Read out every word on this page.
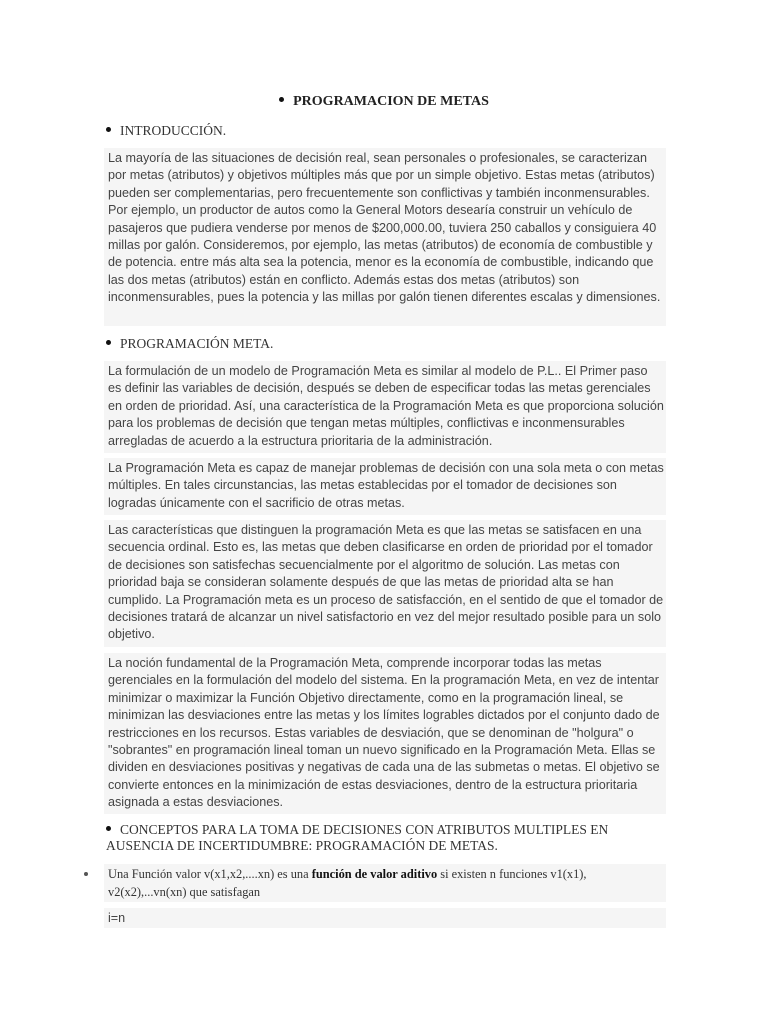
PROGRAMACION DE METAS
INTRODUCCIÓN.
La mayoría de las situaciones de decisión real, sean personales o profesionales, se caracterizan por metas (atributos) y objetivos múltiples más que por un simple objetivo. Estas metas (atributos) pueden ser complementarias, pero frecuentemente son conflictivas y también inconmensurables. Por ejemplo, un productor de autos como la General Motors desearía construir un vehículo de pasajeros que pudiera venderse por menos de $200,000.00, tuviera 250 caballos y consiguiera 40 millas por galón. Consideremos, por ejemplo, las metas (atributos) de economía de combustible y de potencia. entre más alta sea la potencia, menor es la economía de combustible, indicando que las dos metas (atributos) están en conflicto. Además estas dos metas (atributos) son inconmensurables, pues la potencia y las millas por galón tienen diferentes escalas y dimensiones.
PROGRAMACIÓN META.
La formulación de un modelo de Programación Meta es similar al modelo de P.L.. El Primer paso es definir las variables de decisión, después se deben de especificar todas las metas gerenciales en orden de prioridad. Así, una característica de la Programación Meta es que proporciona solución para los problemas de decisión que tengan metas múltiples, conflictivas e inconmensurables arregladas de acuerdo a la estructura prioritaria de la administración.
La Programación Meta es capaz de manejar problemas de decisión con una sola meta o con metas múltiples. En tales circunstancias, las metas establecidas por el tomador de decisiones son logradas únicamente con el sacrificio de otras metas.
Las características que distinguen la programación Meta es que las metas se satisfacen en una secuencia ordinal. Esto es, las metas que deben clasificarse en orden de prioridad por el tomador de decisiones son satisfechas secuencialmente por el algoritmo de solución. Las metas con prioridad baja se consideran solamente después de que las metas de prioridad alta se han cumplido. La Programación meta es un proceso de satisfacción, en el sentido de que el tomador de decisiones tratará de alcanzar un nivel satisfactorio en vez del mejor resultado posible para un solo objetivo.
La noción fundamental de la Programación Meta, comprende incorporar todas las metas gerenciales en la formulación del modelo del sistema. En la programación Meta, en vez de intentar minimizar o maximizar la Función Objetivo directamente, como en la programación lineal, se minimizan las desviaciones entre las metas y los límites logrables dictados por el conjunto dado de restricciones en los recursos. Estas variables de desviación, que se denominan de "holgura" o "sobrantes" en programación lineal toman un nuevo significado en la Programación Meta. Ellas se dividen en desviaciones positivas y negativas de cada una de las submetas o metas. El objetivo se convierte entonces en la minimización de estas desviaciones, dentro de la estructura prioritaria asignada a estas desviaciones.
CONCEPTOS PARA LA TOMA DE DECISIONES CON ATRIBUTOS MULTIPLES EN AUSENCIA DE INCERTIDUMBRE: PROGRAMACIÓN DE METAS.
Una Función valor v(x1,x2,....xn) es una función de valor aditivo si existen n funciones v1(x1), v2(x2),...vn(xn) que satisfagan
i=n
